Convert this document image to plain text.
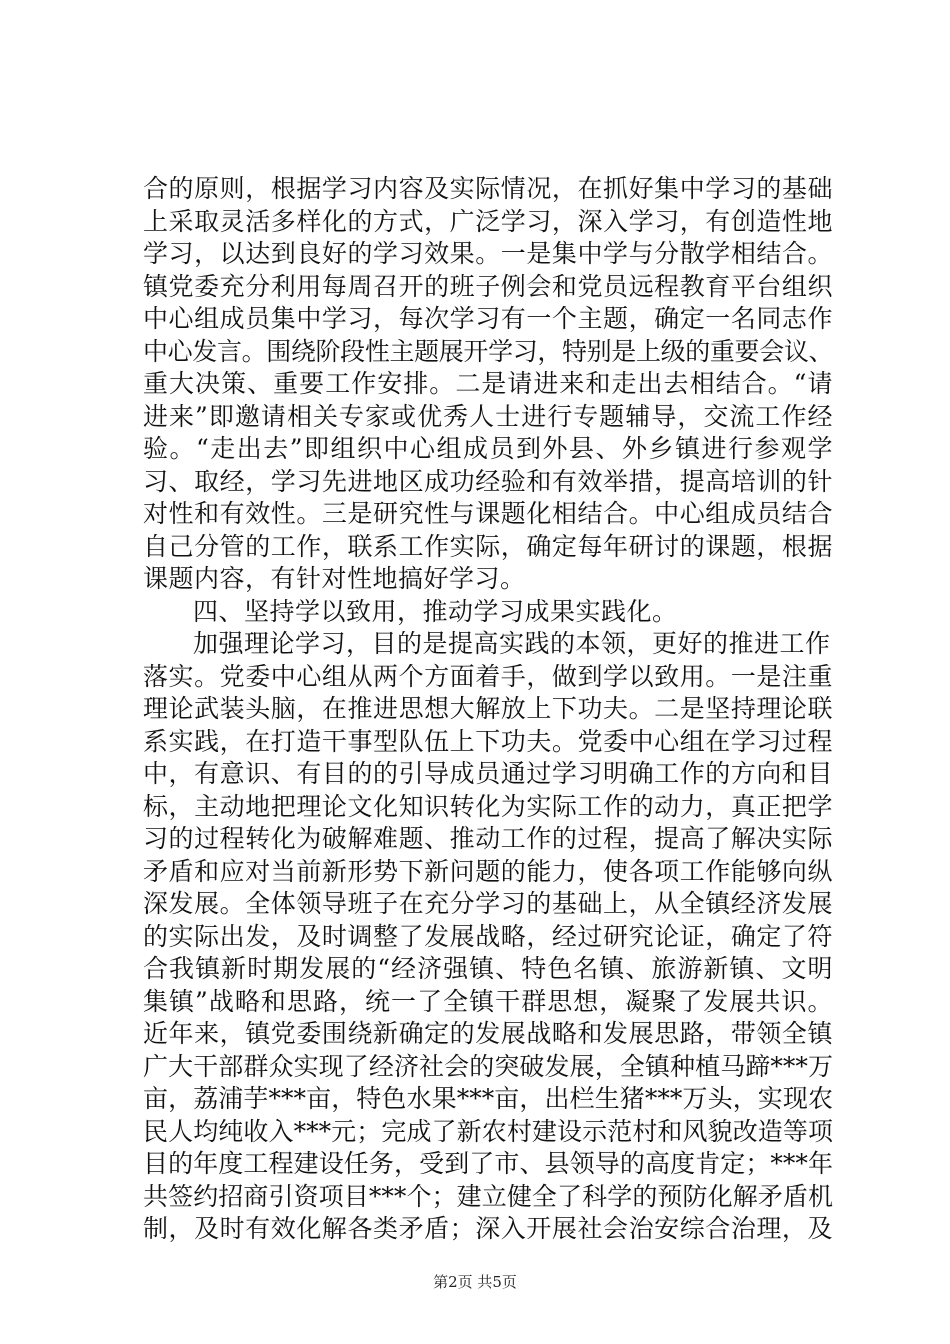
合的原则，根据学习内容及实际情况，在抓好集中学习的基础
上采取灵活多样化的方式，广泛学习，深入学习，有创造性地
学习，以达到良好的学习效果。一是集中学与分散学相结合。
镇党委充分利用每周召开的班子例会和党员远程教育平台组织
中心组成员集中学习，每次学习有一个主题，确定一名同志作
中心发言。围绕阶段性主题展开学习，特别是上级的重要会议、
重大决策、重要工作安排。二是请进来和走出去相结合。“请
进来”即邀请相关专家或优秀人士进行专题辅导，交流工作经
验。“走出去”即组织中心组成员到外县、外乡镇进行参观学
习、取经，学习先进地区成功经验和有效举措，提高培训的针
对性和有效性。三是研究性与课题化相结合。中心组成员结合
自己分管的工作，联系工作实际，确定每年研讨的课题，根据
课题内容，有针对性地搞好学习。
四、坚持学以致用，推动学习成果实践化。
加强理论学习，目的是提高实践的本领，更好的推进工作
落实。党委中心组从两个方面着手，做到学以致用。一是注重
理论武装头脑，在推进思想大解放上下功夫。二是坚持理论联
系实践，在打造干事型队伍上下功夫。党委中心组在学习过程
中，有意识、有目的的引导成员通过学习明确工作的方向和目
标，主动地把理论文化知识转化为实际工作的动力，真正把学
习的过程转化为破解难题、推动工作的过程，提高了解决实际
矛盾和应对当前新形势下新问题的能力，使各项工作能够向纵
深发展。全体领导班子在充分学习的基础上，从全镇经济发展
的实际出发，及时调整了发展战略，经过研究论证，确定了符
合我镇新时期发展的“经济强镇、特色名镇、旅游新镇、文明
集镇”战略和思路，统一了全镇干群思想，凝聚了发展共识。
近年来，镇党委围绕新确定的发展战略和发展思路，带领全镇
广大干部群众实现了经济社会的突破发展，全镇种植马蹄***万
亩，荔浦芋***亩，特色水果***亩，出栏生猪***万头，实现农
民人均纯收入***元；完成了新农村建设示范村和风貌改造等项
目的年度工程建设任务，受到了市、县领导的高度肯定；***年
共签约招商引资项目***个；建立健全了科学的预防化解矛盾机
制，及时有效化解各类矛盾；深入开展社会治安综合治理，及
第2页 共5页
